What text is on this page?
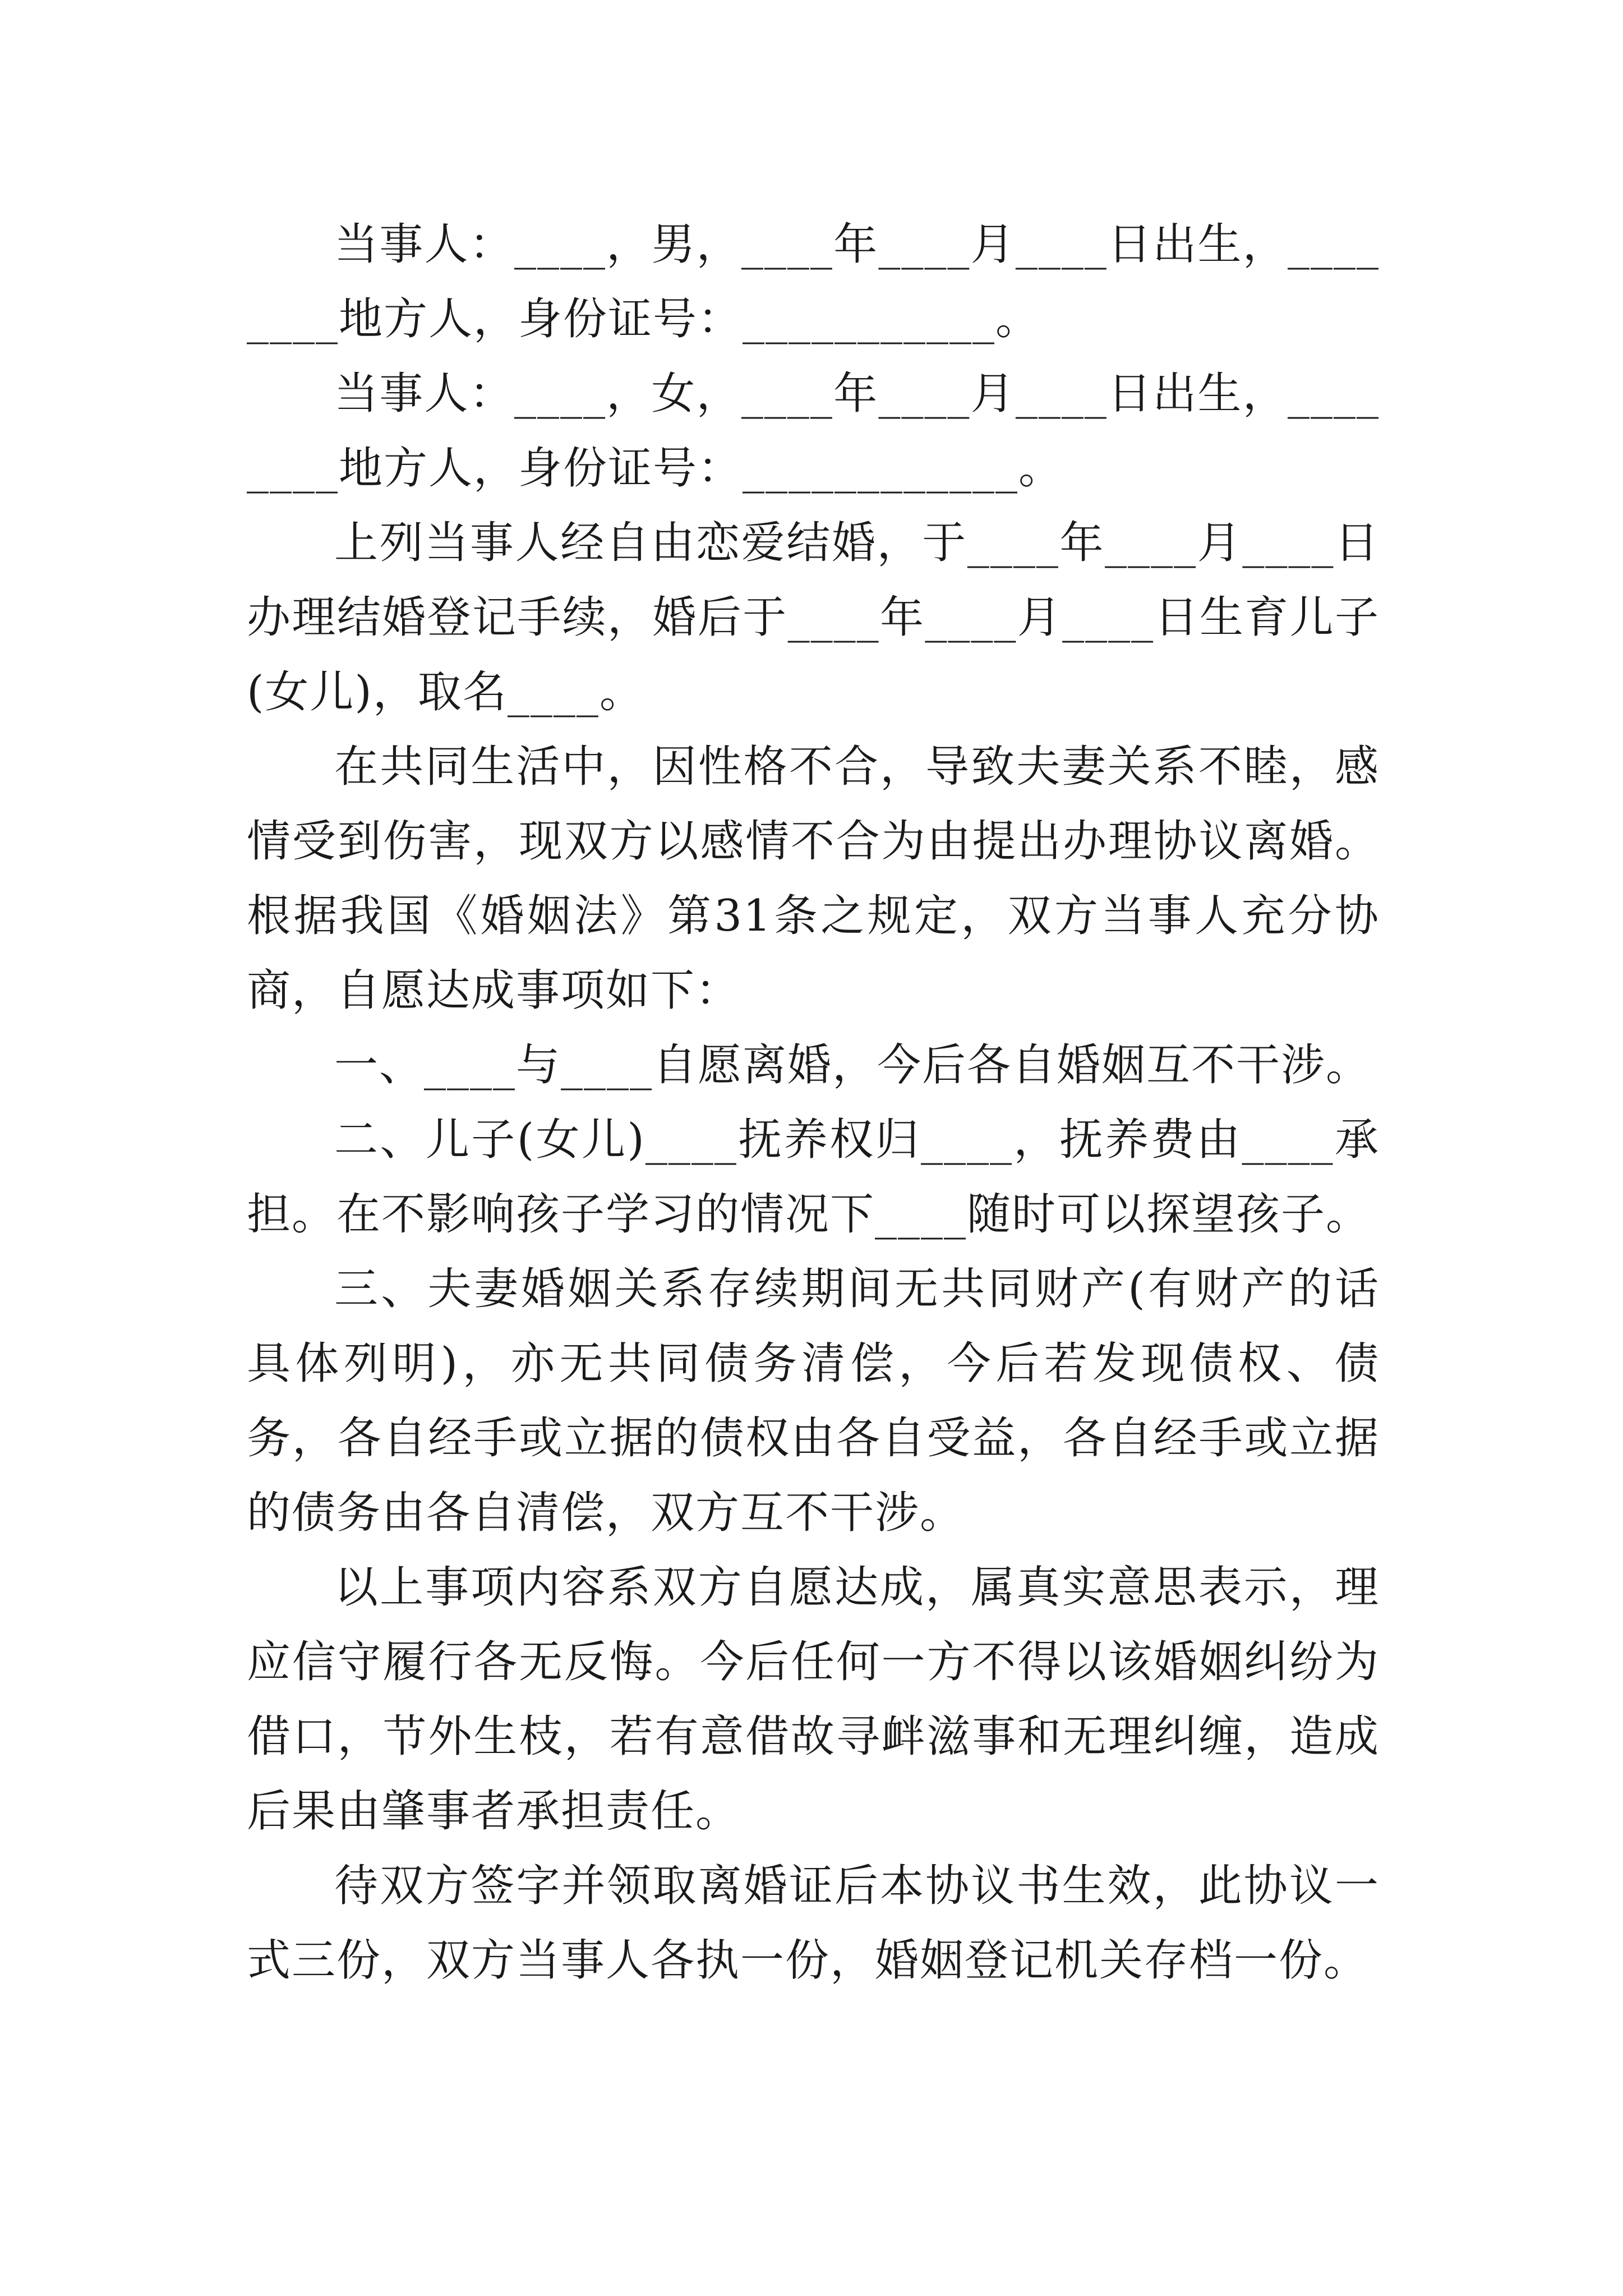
当事人：____，男，____年____月____日出生，________地方人，身份证号：___________。

当事人：____，女，____年____月____日出生，________地方人，身份证号：____________。

上列当事人经自由恋爱结婚，于____年____月____日办理结婚登记手续，婚后于____年____月____日生育儿子(女儿)，取名____。

在共同生活中，因性格不合，导致夫妻关系不睦，感情受到伤害，现双方以感情不合为由提出办理协议离婚。根据我国《婚姻法》第31条之规定，双方当事人充分协商，自愿达成事项如下：

一、____与____自愿离婚，今后各自婚姻互不干涉。

二、儿子(女儿)____抚养权归____，抚养费由____承担。在不影响孩子学习的情况下____随时可以探望孩子。

三、夫妻婚姻关系存续期间无共同财产(有财产的话具体列明)，亦无共同债务清偿，今后若发现债权、债务，各自经手或立据的债权由各自受益，各自经手或立据的债务由各自清偿，双方互不干涉。

以上事项内容系双方自愿达成，属真实意思表示，理应信守履行各无反悔。今后任何一方不得以该婚姻纠纷为借口，节外生枝，若有意借故寻衅滋事和无理纠缠，造成后果由肇事者承担责任。

待双方签字并领取离婚证后本协议书生效，此协议一式三份，双方当事人各执一份，婚姻登记机关存档一份。
